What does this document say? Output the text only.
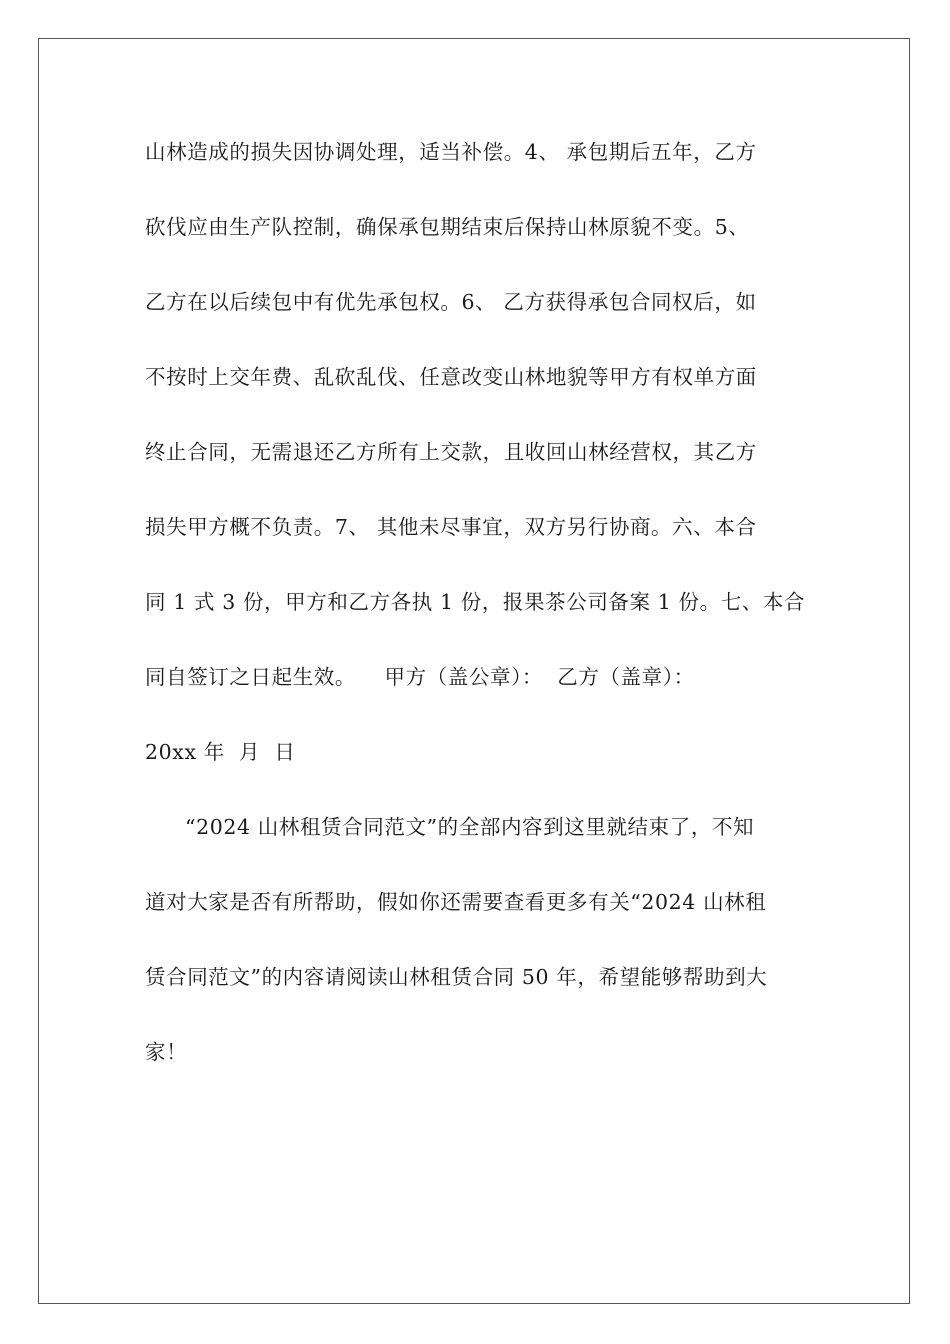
山林造成的损失因协调处理，适当补偿。4、 承包期后五年，乙方
砍伐应由生产队控制，确保承包期结束后保持山林原貌不变。5、
乙方在以后续包中有优先承包权。6、 乙方获得承包合同权后，如
不按时上交年费、乱砍乱伐、任意改变山林地貌等甲方有权单方面
终止合同，无需退还乙方所有上交款，且收回山林经营权，其乙方
损失甲方概不负责。7、 其他未尽事宜，双方另行协商。六、本合
同 1 式 3 份，甲方和乙方各执 1 份，报果茶公司备案 1 份。七、本合
同自签订之日起生效。    甲方（盖公章）：  乙方（盖章）：
20xx 年  月  日
“2024 山林租赁合同范文”的全部内容到这里就结束了，不知
道对大家是否有所帮助，假如你还需要查看更多有关“2024 山林租
赁合同范文”的内容请阅读山林租赁合同 50 年，希望能够帮助到大
家！
